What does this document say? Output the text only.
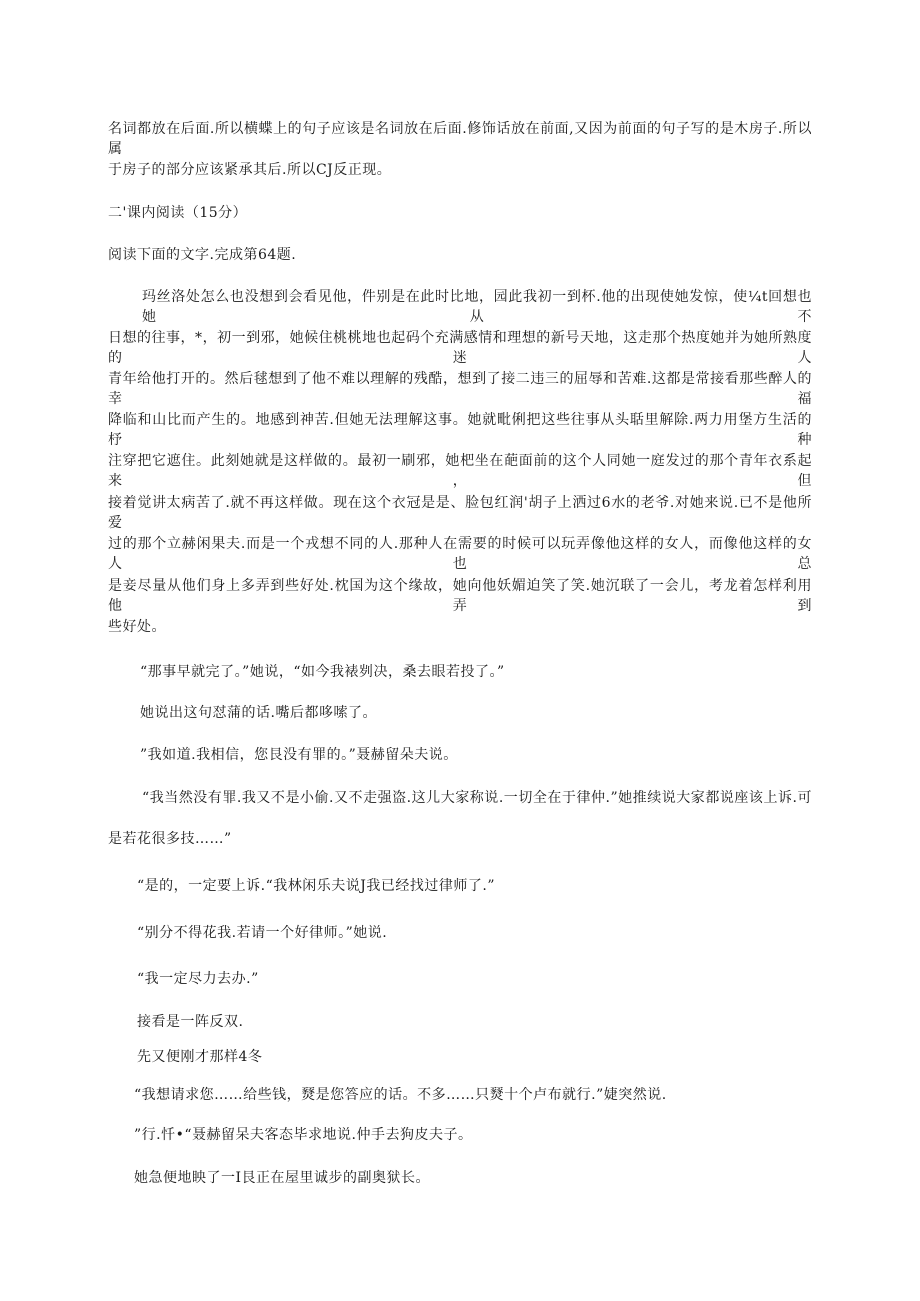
名词都放在后面.所以横蝶上的句子应该是名词放在后面.修饰话放在前面,又因为前面的句子写的是木房子.所以属
于房子的部分应该紧承其后.所以CJ反正现。
二'课内阅读（15分）
阅读下面的文字.完成第64题.
玛丝洛处怎么也没想到会看见他，件别是在此时比地，园此我初一到杯.他的出现使她发惊，使¼t回想也她从不
日想的往事，*，初一到邪，她候住桃桃地也起码个充满感情和理想的新号天地，这走那个热度她并为她所熟度的迷人
青年给他打开的。然后毬想到了他不难以理解的残酷，想到了接二违三的屈辱和苦难.这都是常接看那些醉人的幸福
降临和山比而产生的。地感到神苦.但她无法理解这事。她就毗俐把这些往事从头聒里解除.两力用堡方生活的杼种
注穿把它遮住。此刻她就是这样做的。最初一刷邪，她杷坐在葩面前的这个人同她一庭发过的那个青年衣系起来，但
接着觉讲太病苦了.就不再这样做。现在这个衣冠是是、脸包红润'胡子上洒过6水的老爷.对她来说.已不是他所爱
过的那个立赫闲果夫.而是一个戎想不同的人.那种人在需要的时候可以玩弄像他这样的女人，而像他这样的女人也总
是妾尽量从他们身上多弄到些好处.枕国为这个缘故，她向他妖媚迫笑了笑.她沉联了一会儿，考龙着怎样利用他弄到
些好处。
“那事早就完了。”她说，“如今我裱刿决，桑去眼若投了。”
她说出这句怼蒲的话.嘴后都哆嗦了。
”我如道.我相信，您艮没有罪的。”聂赫留朵夫说。
“我当然没有罪.我又不是小偷.又不走强盗.这儿大家称说.一切全在于律仲.”她推续说大家都说座该上诉.可
是若花很多技……”
“是的，一定要上诉.“我林闲乐夫说J我已经找过律师了.”
“别分不得花我.若请一个好律师。”她说.
“我一定尽力去办.”
接看是一阵反双.
先又便刚才那样4冬
“我想请求您……给些钱，燹是您答应的话。不多……只燹十个卢布就行.”婕突然说.
”行.忏•“聂赫留呆夫客态毕求地说.仲手去狗皮夫子。
她急便地眏了一I艮正在屋里诚步的副奥狱长。
